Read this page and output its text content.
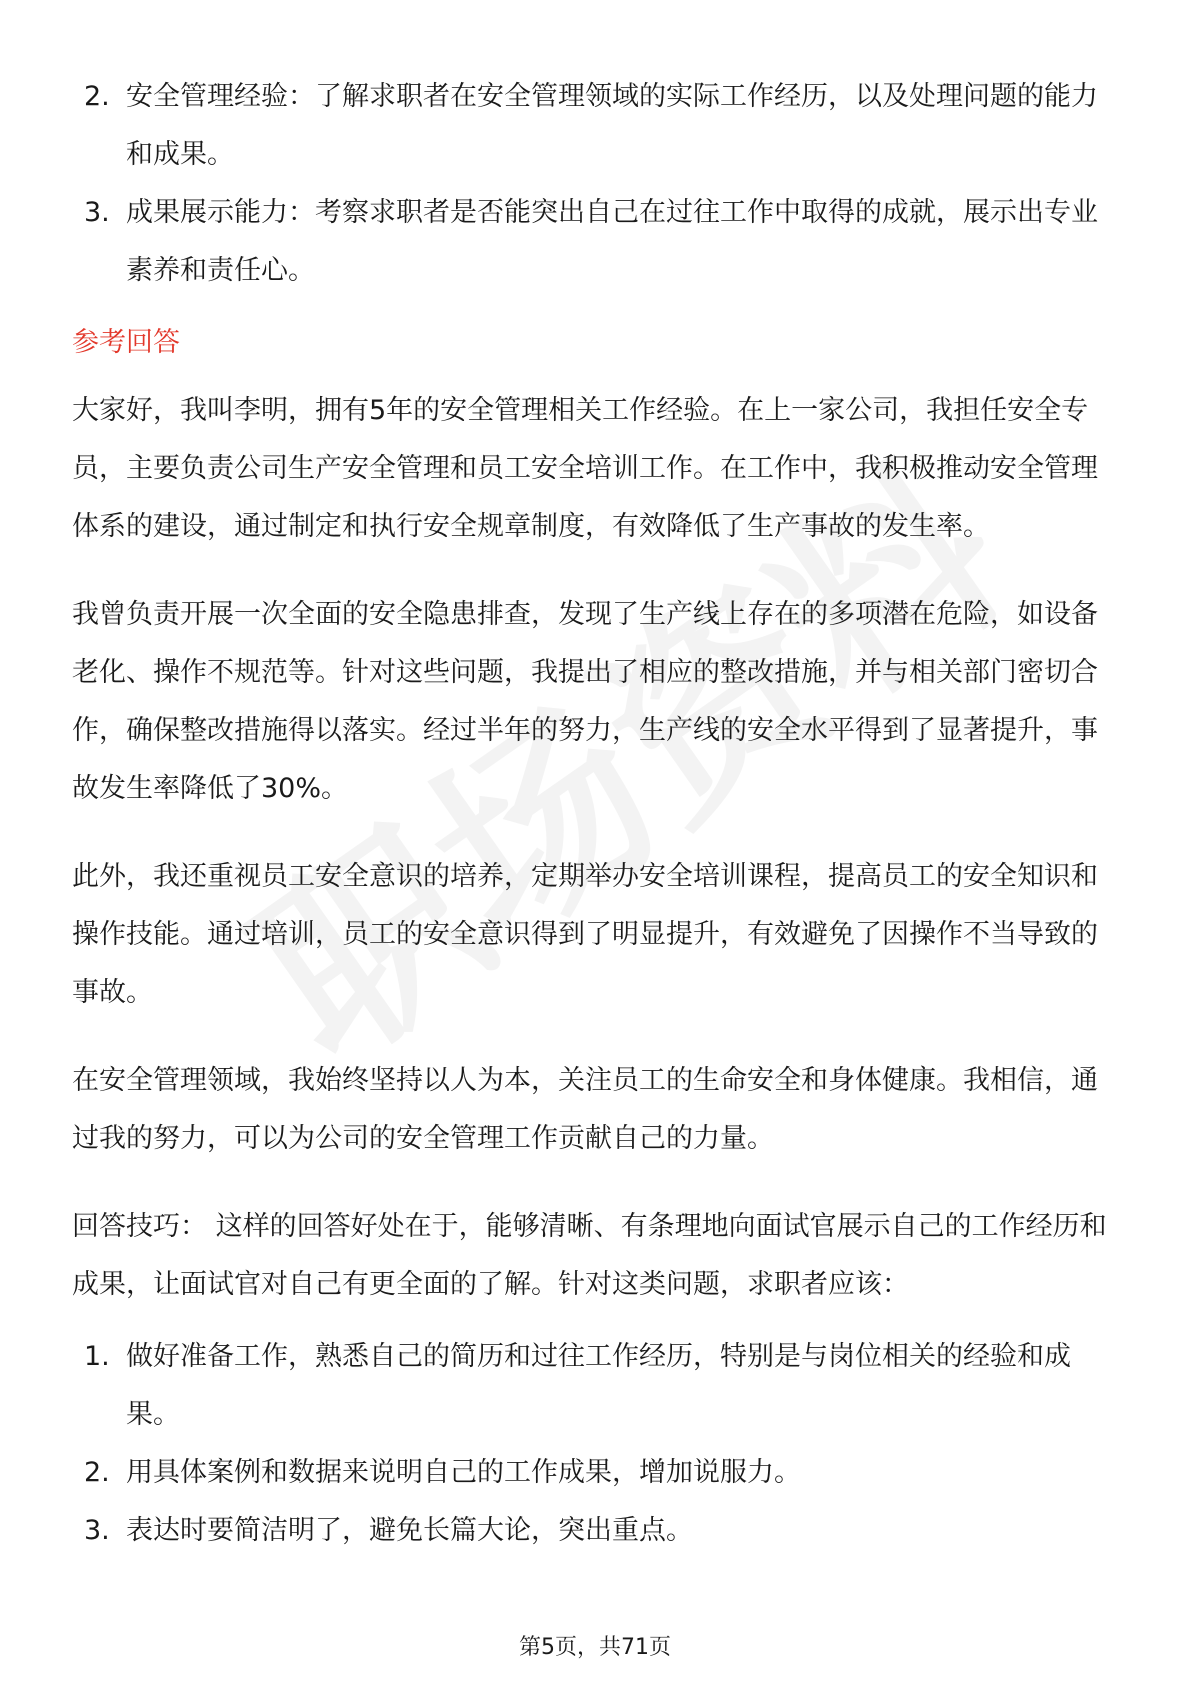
2. 安全管理经验：了解求职者在安全管理领域的实际工作经历，以及处理问题的能力和成果。
3. 成果展示能力：考察求职者是否能突出自己在过往工作中取得的成就，展示出专业素养和责任心。
参考回答

大家好，我叫李明，拥有5年的安全管理相关工作经验。在上一家公司，我担任安全专员，主要负责公司生产安全管理和员工安全培训工作。在工作中，我积极推动安全管理体系的建设，通过制定和执行安全规章制度，有效降低了生产事故的发生率。

我曾负责开展一次全面的安全隐患排查，发现了生产线上存在的多项潜在危险，如设备老化、操作不规范等。针对这些问题，我提出了相应的整改措施，并与相关部门密切合作，确保整改措施得以落实。经过半年的努力，生产线的安全水平得到了显著提升，事故发生率降低了30%。

此外，我还重视员工安全意识的培养，定期举办安全培训课程，提高员工的安全知识和操作技能。通过培训，员工的安全意识得到了明显提升，有效避免了因操作不当导致的事故。

在安全管理领域，我始终坚持以人为本，关注员工的生命安全和身体健康。我相信，通过我的努力，可以为公司的安全管理工作贡献自己的力量。

回答技巧： 这样的回答好处在于，能够清晰、有条理地向面试官展示自己的工作经历和成果，让面试官对自己有更全面的了解。针对这类问题，求职者应该：

1. 做好准备工作，熟悉自己的简历和过往工作经历，特别是与岗位相关的经验和成果。
2. 用具体案例和数据来说明自己的工作成果，增加说服力。
3. 表达时要简洁明了，避免长篇大论，突出重点。
第5页，共71页
